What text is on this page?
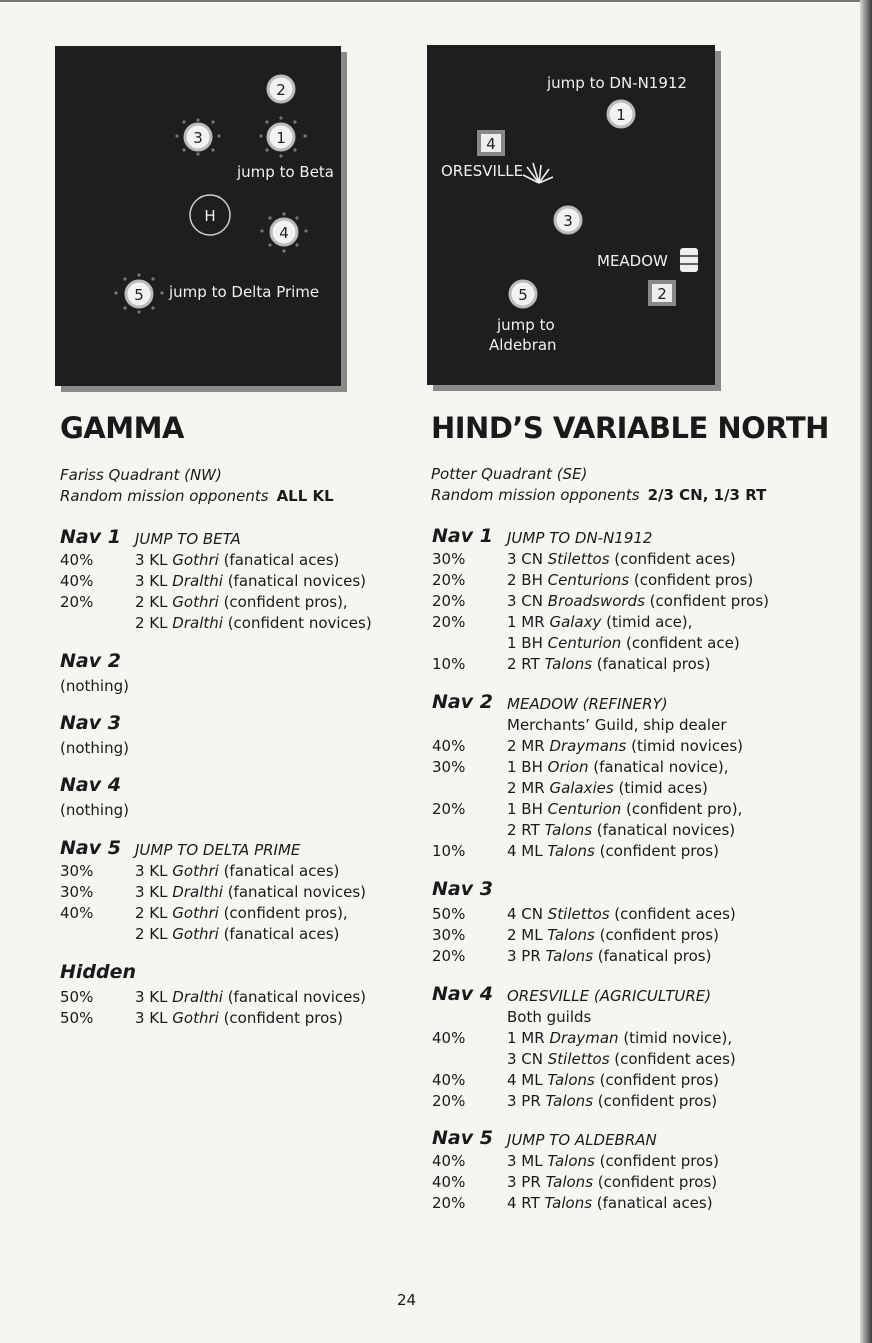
2
3	1
jump to Beta
H
4
5 jump to Delta Prime
jump to DN-N1912
1
4
ORESVILLE
3
MEADOW
5	2
jump to
Aldebran
GAMMA
Fariss Quadrant (NW)
Random mission opponents ALL KL
Nav 1 JUMP TO BETA
40%	3 KL Gothri (fanatical aces)
40%	3 KL Dralthi (fanatical novices)
20%	2 KL Gothri (confident pros),
2 KL Dralthi (confident novices)
Nav 2
(nothing)
Nav 3
(nothing)
Nav 4
(nothing)
Nav 5 JUMP TO DELTA PRIME
30%	3 KL Gothri (fanatical aces)
30%	3 KL Dralthi (fanatical novices)
40%	2 KL Gothri (confident pros),
2 KL Gothri (fanatical aces)
Hidden
50%	3 KL Dralthi (fanatical novices)
50%	3 KL Gothri (confident pros)
HIND’S VARIABLE NORTH
Potter Quadrant (SE)
Random mission opponents 2/3 CN, 1/3 RT
Nav 1 JUMP TO DN-N1912
30%	3 CN Stilettos (confident aces)
20%	2 BH Centurions (confident pros)
20%	3 CN Broadswords (confident pros)
20%	1 MR Galaxy (timid ace),
1 BH Centurion (confident ace)
10%	2 RT Talons (fanatical pros)
Nav 2 MEADOW (REFINERY)
Merchants’ Guild, ship dealer
40%	2 MR Draymans (timid novices)
30%	1 BH Orion (fanatical novice),
2 MR Galaxies (timid aces)
20%	1 BH Centurion (confident pro),
2 RT Talons (fanatical novices)
10%	4 ML Talons (confident pros)
Nav 3
50%	4 CN Stilettos (confident aces)
30%	2 ML Talons (confident pros)
20%	3 PR Talons (fanatical pros)
Nav 4 ORESVILLE (AGRICULTURE)
Both guilds
40%	1 MR Drayman (timid novice),
3 CN Stilettos (confident aces)
40%	4 ML Talons (confident pros)
20%	3 PR Talons (confident pros)
Nav 5 JUMP TO ALDEBRAN
40%	3 ML Talons (confident pros)
40%	3 PR Talons (confident pros)
20%	4 RT Talons (fanatical aces)
24
